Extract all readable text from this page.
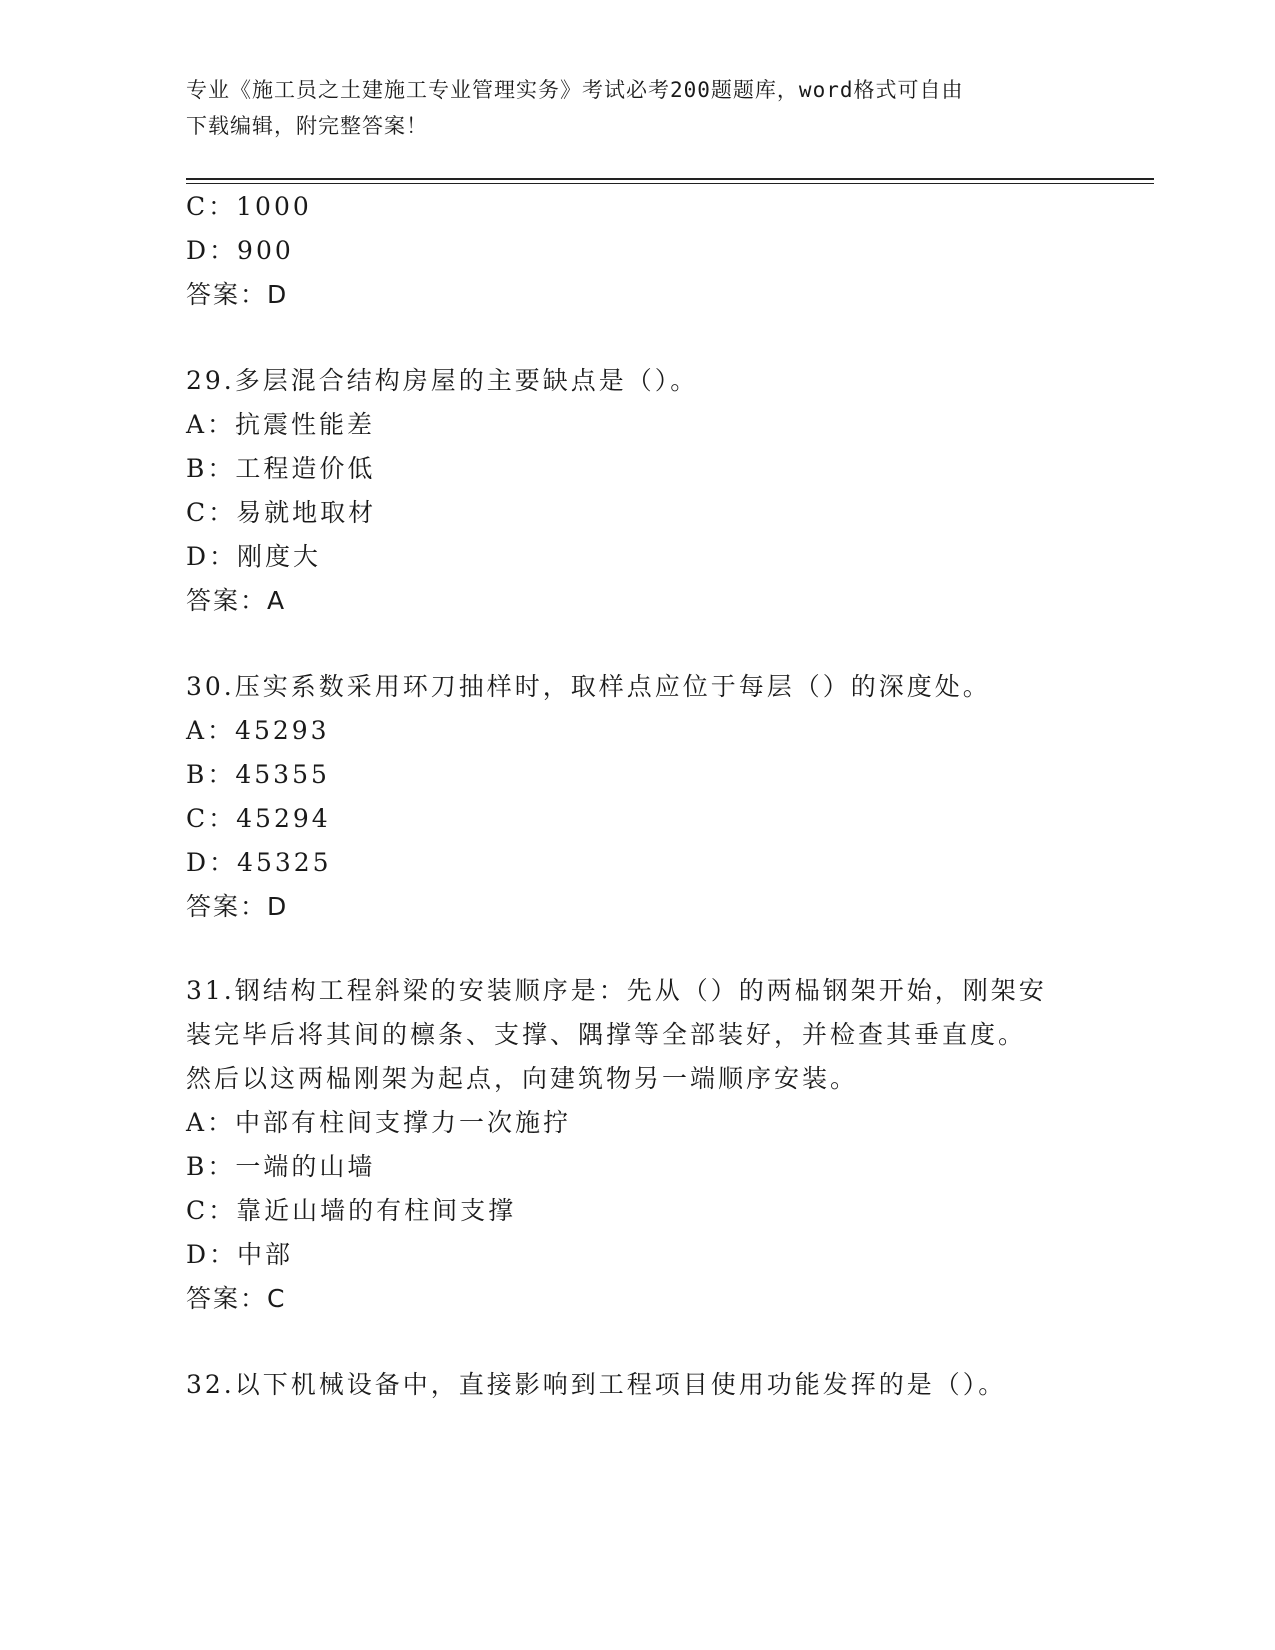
专业《施工员之土建施工专业管理实务》考试必考200题题库，word格式可自由
下载编辑，附完整答案！
C：1000
D：900
答案：D
29.多层混合结构房屋的主要缺点是（）。
A：抗震性能差
B：工程造价低
C：易就地取材
D：刚度大
答案：A
30.压实系数采用环刀抽样时，取样点应位于每层（）的深度处。
A：45293
B：45355
C：45294
D：45325
答案：D
31.钢结构工程斜梁的安装顺序是：先从（）的两榀钢架开始，刚架安
装完毕后将其间的檩条、支撑、隅撑等全部装好，并检查其垂直度。
然后以这两榀刚架为起点，向建筑物另一端顺序安装。
A：中部有柱间支撑力一次施拧
B：一端的山墙
C：靠近山墙的有柱间支撑
D：中部
答案：C
32.以下机械设备中，直接影响到工程项目使用功能发挥的是（）。
